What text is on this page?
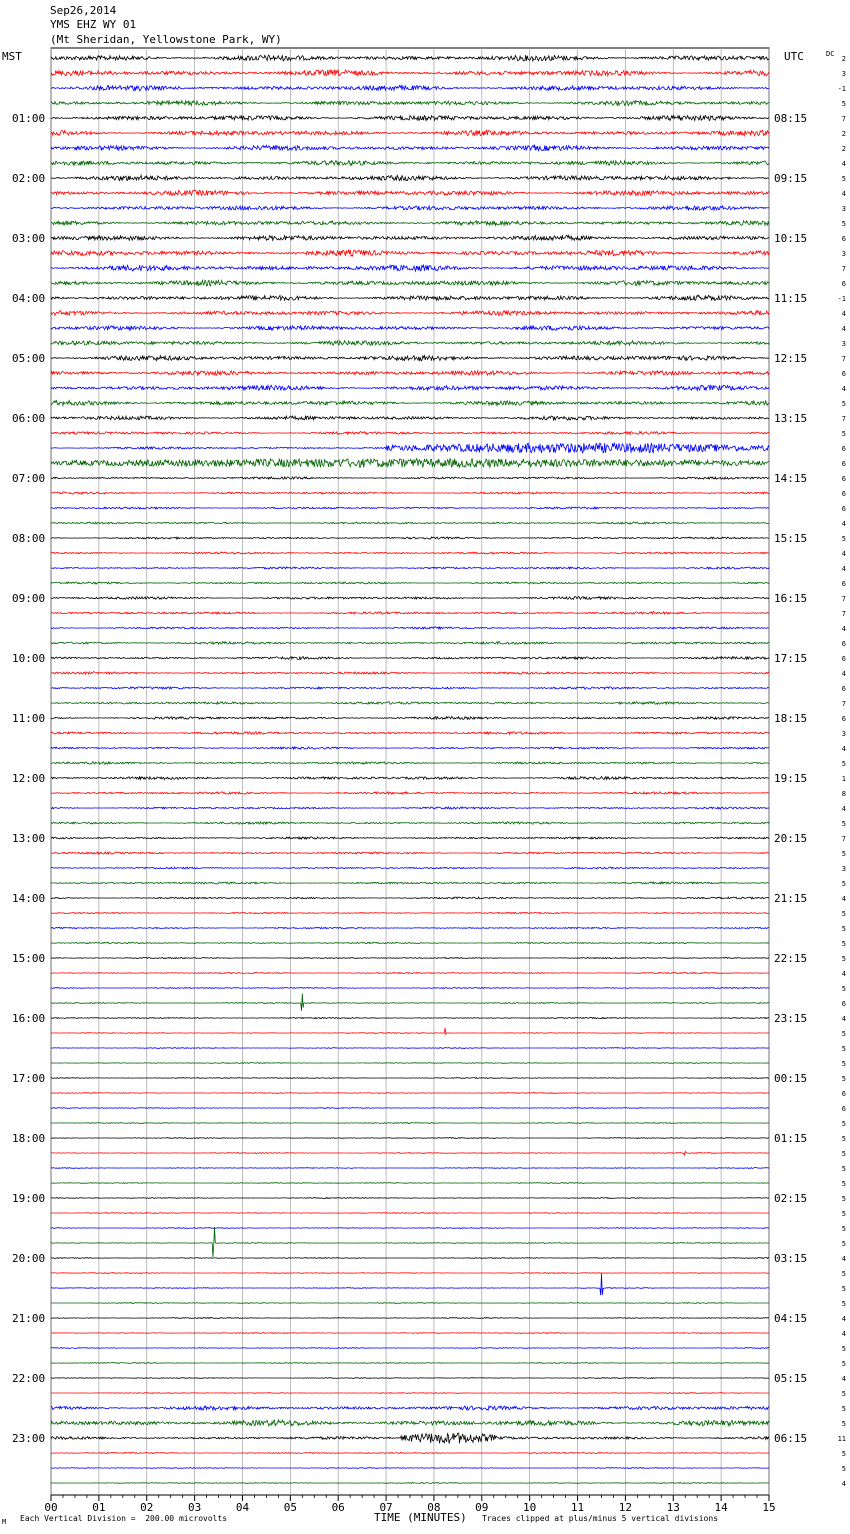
Sep26,2014
YMS EHZ WY 01
(Mt Sheridan, Yellowstone Park, WY)
MST	UTC	DC
00	01	02	03	04	05	06	07	08	09	10	11	12	13	14	15
01:00
02:00
03:00
04:00
05:00
06:00
07:00
08:00
09:00
10:00
11:00
12:00
13:00
14:00
15:00
16:00
17:00
18:00
19:00
20:00
21:00
22:00
23:00
08:15
09:15
10:15
11:15
12:15
13:15
14:15
15:15
16:15
17:15
18:15
19:15
20:15
21:15
22:15
23:15
00:15
01:15
02:15
03:15
04:15
05:15
06:15
2
3
-1
5
7
2
2
4
5
4
3
5
6
3
7
6
-1
4
4
3
7
6
4
5
7
5
6
6
6
6
6
4
5
4
4
6
7
7
4
6
6
4
6
7
6
3
4
5
1
8
4
5
7
5
3
5
4
5
5
5
5
4
5
6
4
5
5
5
5
6
6
5
5
5
5
5
5
5
5
5
4
5
5
5
4
4
5
5
4
5
5
5
11
5
5
4
M Each Vertical Division =  200.00 microvolts	TIME (MINUTES) Traces clipped at plus/minus 5 vertical divisions
